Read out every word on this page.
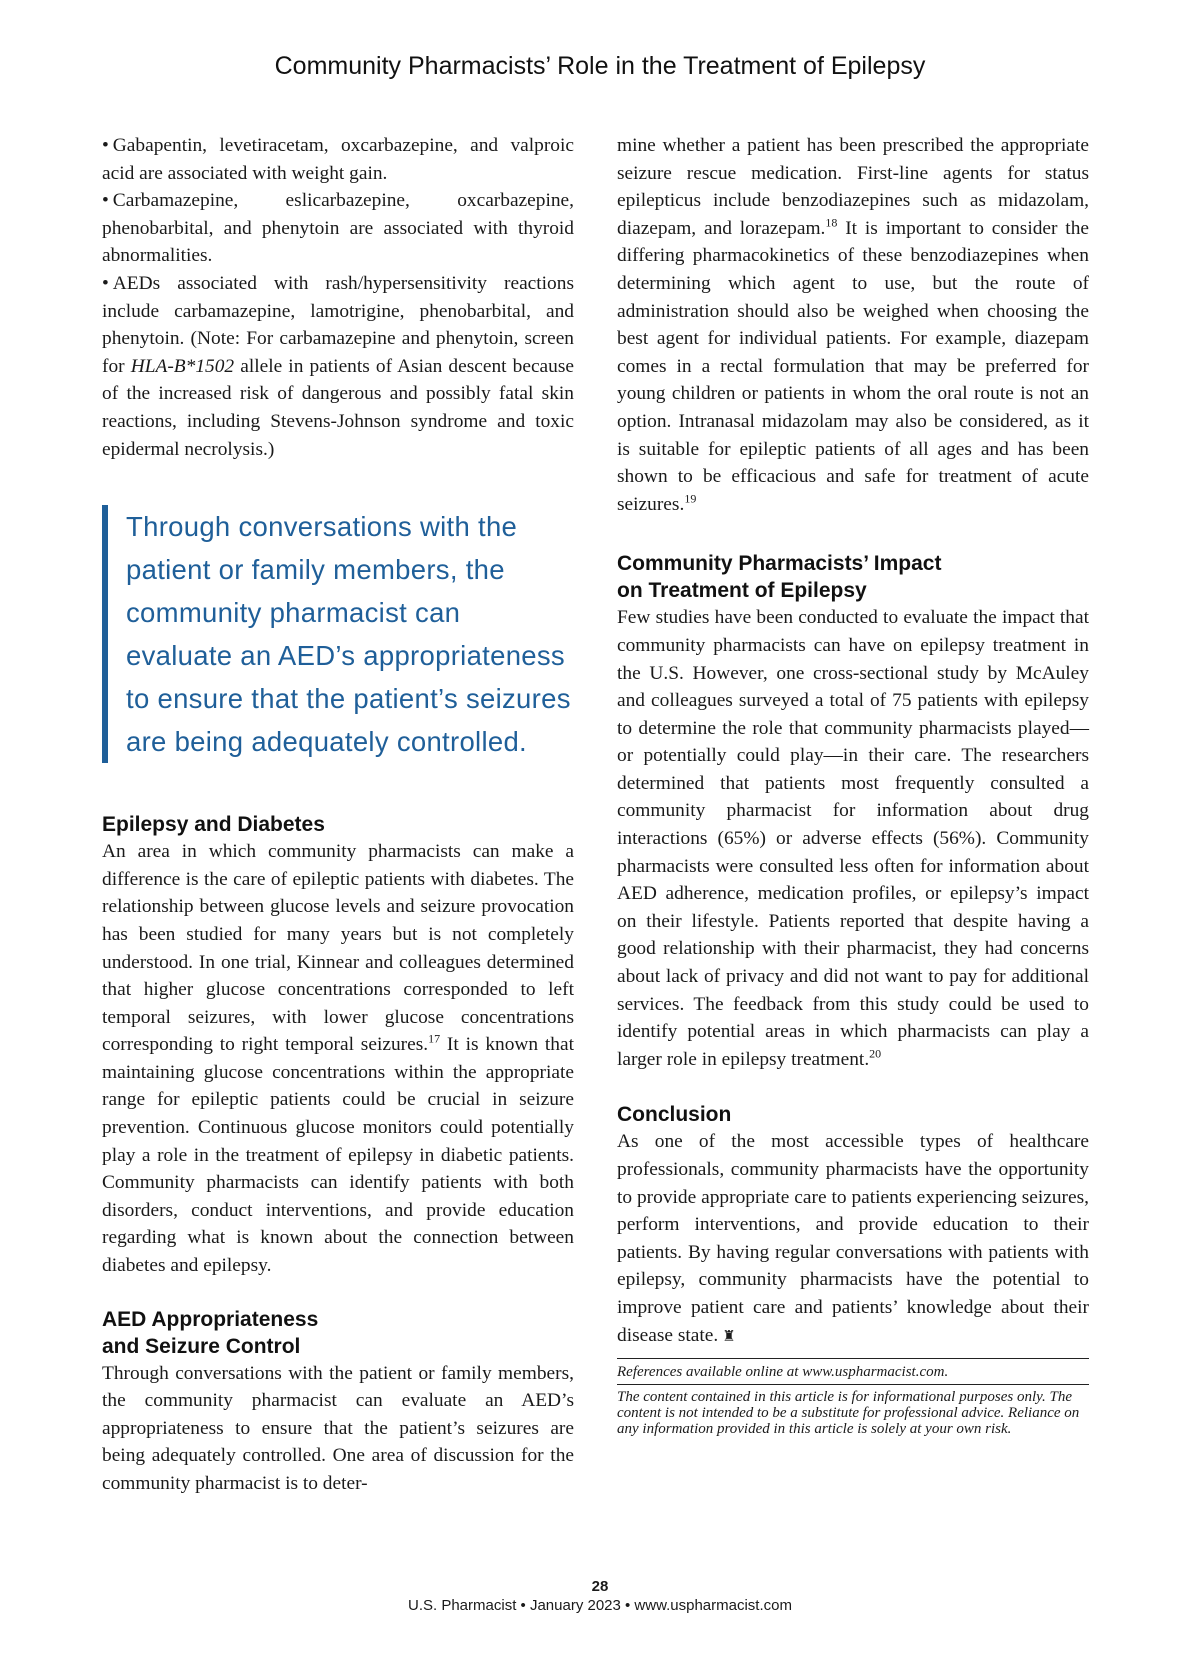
Community Pharmacists’ Role in the Treatment of Epilepsy
• Gabapentin, levetiracetam, oxcarbazepine, and valproic acid are associated with weight gain.
• Carbamazepine, eslicarbazepine, oxcarbazepine, phenobarbital, and phenytoin are associated with thyroid abnormalities.
• AEDs associated with rash/hypersensitivity reactions include carbamazepine, lamotrigine, phenobarbital, and phenytoin. (Note: For carbamazepine and phenytoin, screen for HLA-B*1502 allele in patients of Asian descent because of the increased risk of dangerous and possibly fatal skin reactions, including Stevens-Johnson syndrome and toxic epidermal necrolysis.)

Through conversations with the patient or family members, the community pharmacist can evaluate an AED’s appropriateness to ensure that the patient’s seizures are being adequately controlled.

Epilepsy and Diabetes

An area in which community pharmacists can make a difference is the care of epileptic patients with diabetes. The relationship between glucose levels and seizure provocation has been studied for many years but is not completely understood. In one trial, Kinnear and colleagues determined that higher glucose concentrations corresponded to left temporal seizures, with lower glucose concentrations corresponding to right temporal seizures.$^{17}$ It is known that maintaining glucose concentrations within the appropriate range for epileptic patients could be crucial in seizure prevention. Continuous glucose monitors could potentially play a role in the treatment of epilepsy in diabetic patients. Community pharmacists can identify patients with both disorders, conduct interventions, and provide education regarding what is known about the connection between diabetes and epilepsy.

AED Appropriateness
and Seizure Control

Through conversations with the patient or family members, the community pharmacist can evaluate an AED’s appropriateness to ensure that the patient’s seizures are being adequately controlled. One area of discussion for the community pharmacist is to deter-

mine whether a patient has been prescribed the appropriate seizure rescue medication. First-line agents for status epilepticus include benzodiazepines such as midazolam, diazepam, and lorazepam.$^{18}$ It is important to consider the differing pharmacokinetics of these benzodiazepines when determining which agent to use, but the route of administration should also be weighed when choosing the best agent for individual patients. For example, diazepam comes in a rectal formulation that may be preferred for young children or patients in whom the oral route is not an option. Intranasal midazolam may also be considered, as it is suitable for epileptic patients of all ages and has been shown to be efficacious and safe for treatment of acute seizures.$^{19}$

Community Pharmacists’ Impact
on Treatment of Epilepsy

Few studies have been conducted to evaluate the impact that community pharmacists can have on epilepsy treatment in the U.S. However, one cross-sectional study by McAuley and colleagues surveyed a total of 75 patients with epilepsy to determine the role that community pharmacists played—or potentially could play—in their care. The researchers determined that patients most frequently consulted a community pharmacist for information about drug interactions (65%) or adverse effects (56%). Community pharmacists were consulted less often for information about AED adherence, medication profiles, or epilepsy’s impact on their lifestyle. Patients reported that despite having a good relationship with their pharmacist, they had concerns about lack of privacy and did not want to pay for additional services. The feedback from this study could be used to identify potential areas in which pharmacists can play a larger role in epilepsy treatment.$^{20}$

Conclusion

As one of the most accessible types of healthcare professionals, community pharmacists have the opportunity to provide appropriate care to patients experiencing seizures, perform interventions, and provide education to their patients. By having regular conversations with patients with epilepsy, community pharmacists have the potential to improve patient care and patients’ knowledge about their disease state. ♜

References available online at www.uspharmacist.com.
The content contained in this article is for informational purposes only. The content is not intended to be a substitute for professional advice. Reliance on any information provided in this article is solely at your own risk.
28
U.S. Pharmacist • January 2023 • www.uspharmacist.com
